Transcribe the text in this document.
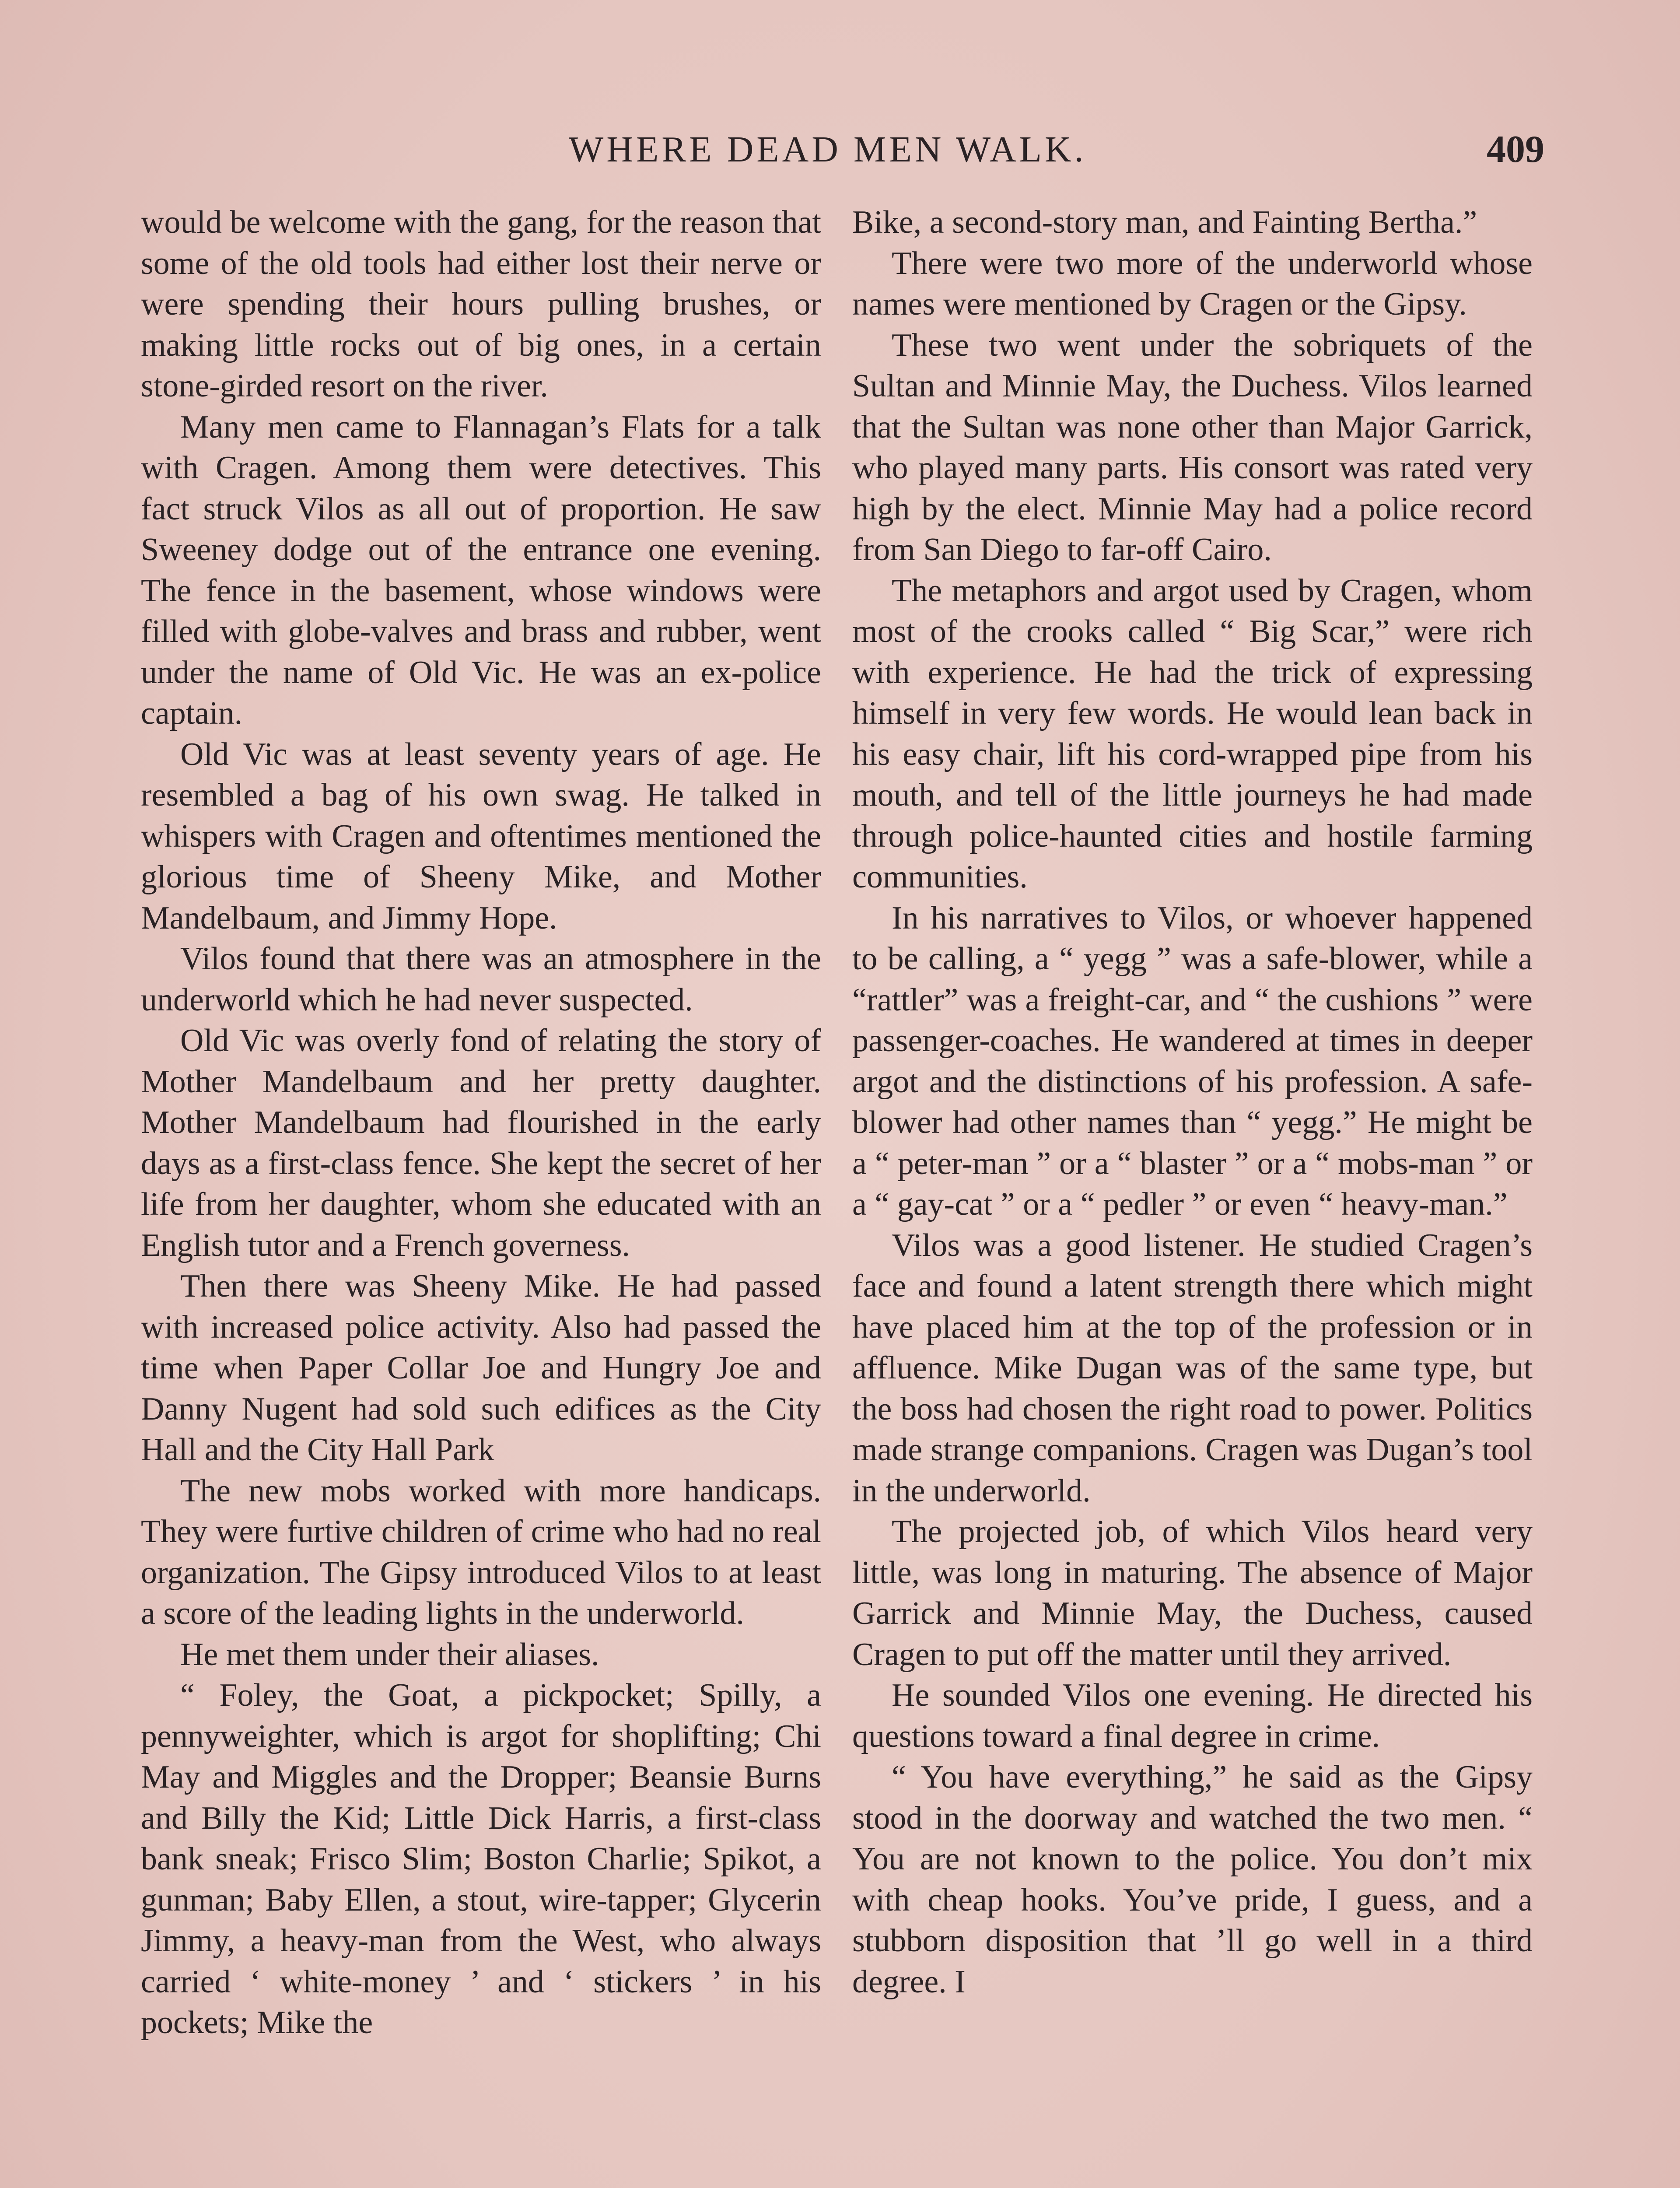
WHERE DEAD MEN WALK.	409

would be welcome with the gang, for the reason that some of the old tools had either lost their nerve or were spending their hours pulling brushes, or making little rocks out of big ones, in a certain stone-girded resort on the river.

Many men came to Flannagan’s Flats for a talk with Cragen. Among them were detectives. This fact struck Vilos as all out of proportion. He saw Sweeney dodge out of the entrance one evening. The fence in the basement, whose windows were filled with globe-valves and brass and rubber, went under the name of Old Vic. He was an ex-police captain.

Old Vic was at least seventy years of age. He resembled a bag of his own swag. He talked in whispers with Cragen and oftentimes mentioned the glorious time of Sheeny Mike, and Mother Mandelbaum, and Jimmy Hope.

Vilos found that there was an atmosphere in the underworld which he had never suspected.

Old Vic was overly fond of relating the story of Mother Mandelbaum and her pretty daughter. Mother Mandelbaum had flourished in the early days as a first-class fence. She kept the secret of her life from her daughter, whom she educated with an English tutor and a French governess.

Then there was Sheeny Mike. He had passed with increased police activity. Also had passed the time when Paper Collar Joe and Hungry Joe and Danny Nugent had sold such edifices as the City Hall and the City Hall Park

The new mobs worked with more handicaps. They were furtive children of crime who had no real organization. The Gipsy introduced Vilos to at least a score of the leading lights in the underworld.

He met them under their aliases.

“ Foley, the Goat, a pickpocket; Spilly, a pennyweighter, which is argot for shoplifting; Chi May and Miggles and the Dropper; Beansie Burns and Billy the Kid; Little Dick Harris, a first-class bank sneak; Frisco Slim; Boston Charlie; Spikot, a gunman; Baby Ellen, a stout, wire-tapper; Glycerin Jimmy, a heavy-man from the West, who always carried ‘ white-money ’ and ‘ stickers ’ in his pockets; Mike the

Bike, a second-story man, and Fainting Bertha.”

There were two more of the underworld whose names were mentioned by Cragen or the Gipsy.

These two went under the sobriquets of the Sultan and Minnie May, the Duchess. Vilos learned that the Sultan was none other than Major Garrick, who played many parts. His consort was rated very high by the elect. Minnie May had a police record from San Diego to far-off Cairo.

The metaphors and argot used by Cragen, whom most of the crooks called “ Big Scar,” were rich with experience. He had the trick of expressing himself in very few words. He would lean back in his easy chair, lift his cord-wrapped pipe from his mouth, and tell of the little journeys he had made through police-haunted cities and hostile farming communities.

In his narratives to Vilos, or whoever happened to be calling, a “ yegg ” was a safe-blower, while a “rattler” was a freight-car, and “ the cushions ” were passenger-coaches. He wandered at times in deeper argot and the distinctions of his profession. A safe-blower had other names than “ yegg.” He might be a “ peter-man ” or a “ blaster ” or a “ mobs-man ” or a “ gay-cat ” or a “ pedler ” or even “ heavy-man.”

Vilos was a good listener. He studied Cragen’s face and found a latent strength there which might have placed him at the top of the profession or in affluence. Mike Dugan was of the same type, but the boss had chosen the right road to power. Politics made strange companions. Cragen was Dugan’s tool in the underworld.

The projected job, of which Vilos heard very little, was long in maturing. The absence of Major Garrick and Minnie May, the Duchess, caused Cragen to put off the matter until they arrived.

He sounded Vilos one evening. He directed his questions toward a final degree in crime.

“ You have everything,” he said as the Gipsy stood in the doorway and watched the two men. “ You are not known to the police. You don’t mix with cheap hooks. You’ve pride, I guess, and a stubborn disposition that ’ll go well in a third degree. I
